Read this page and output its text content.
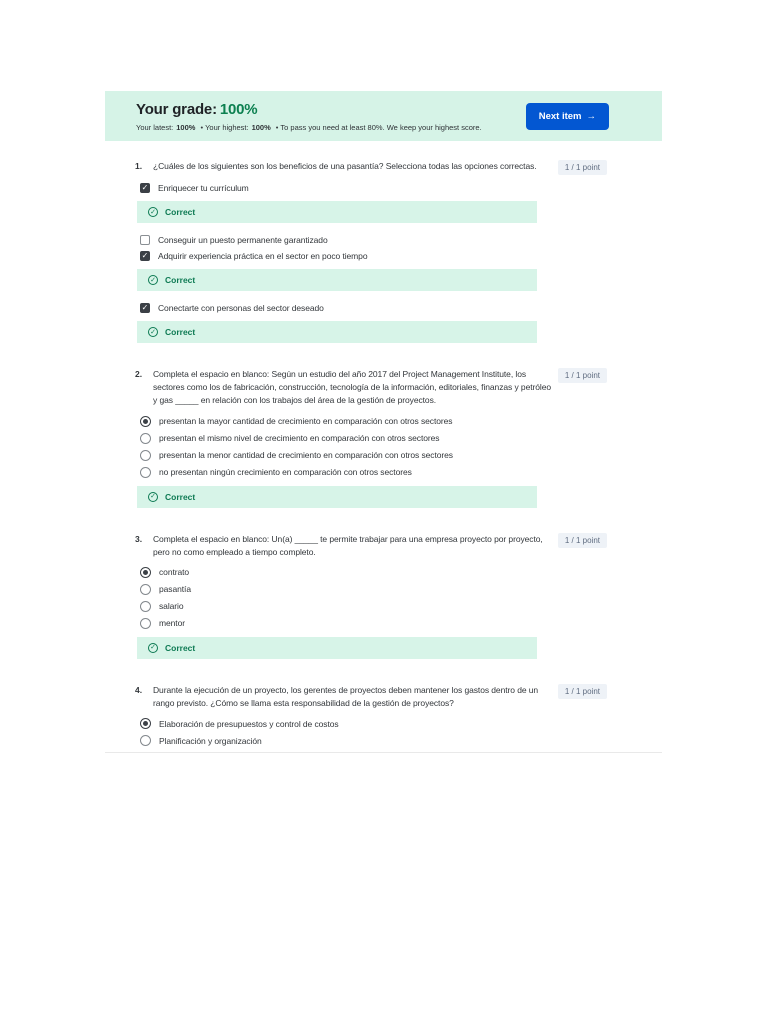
Your grade: 100%
Your latest: 100% • Your highest: 100% • To pass you need at least 80%. We keep your highest score.
Next item →
1.	¿Cuáles de los siguientes son los beneficios de una pasantía? Selecciona todas las opciones correctas.	1 / 1 point
✓ Enriquecer tu currículum
✓ Correct
Conseguir un puesto permanente garantizado
✓ Adquirir experiencia práctica en el sector en poco tiempo
✓ Correct
✓ Conectarte con personas del sector deseado
✓ Correct
2.	Completa el espacio en blanco: Según un estudio del año 2017 del Project Management Institute, los sectores como los de fabricación, construcción, tecnología de la información, editoriales, finanzas y petróleo y gas _____ en relación con los trabajos del área de la gestión de proyectos.
1 / 1 point
presentan la mayor cantidad de crecimiento en comparación con otros sectores
presentan el mismo nivel de crecimiento en comparación con otros sectores
presentan la menor cantidad de crecimiento en comparación con otros sectores
no presentan ningún crecimiento en comparación con otros sectores
✓ Correct
3.	Completa el espacio en blanco: Un(a) _____ te permite trabajar para una empresa proyecto por proyecto, pero no como empleado a tiempo completo.
1 / 1 point
contrato
pasantía
salario
mentor
✓ Correct
4.	Durante la ejecución de un proyecto, los gerentes de proyectos deben mantener los gastos dentro de un rango previsto. ¿Cómo se llama esta responsabilidad de la gestión de proyectos?
1 / 1 point
Elaboración de presupuestos y control de costos
Planificación y organización
